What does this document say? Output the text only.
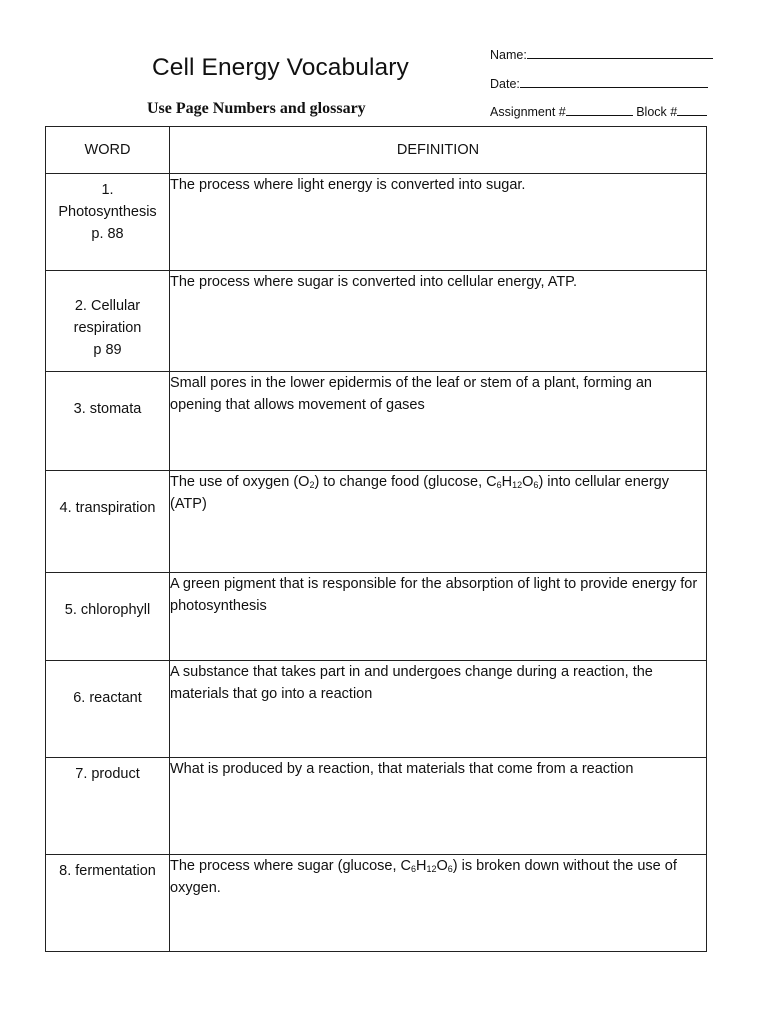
Cell Energy Vocabulary
Use Page Numbers and glossary
Name:
Date:
Assignment #	Block #
WORD	DEFINITION

1.
Photosynthesis
p. 88	The process where light energy is converted into sugar.

2. Cellular
respiration
p 89	The process where sugar is converted into cellular energy, ATP.
3. stomata	Small pores in the lower epidermis of the leaf or stem of a plant, forming an opening that allows movement of gases
4. transpiration	The use of oxygen $(O_2)$ to change food (glucose, $C_6H_{12}O_6$) into cellular energy (ATP)
5. chlorophyll	A green pigment that is responsible for the absorption of light to provide energy for photosynthesis
6. reactant	A substance that takes part in and undergoes change during a reaction, the materials that go into a reaction
7. product	What is produced by a reaction, that materials that come from a reaction
8. fermentation	The process where sugar (glucose, $C_6H_{12}O_6$) is broken down without the use of oxygen.
